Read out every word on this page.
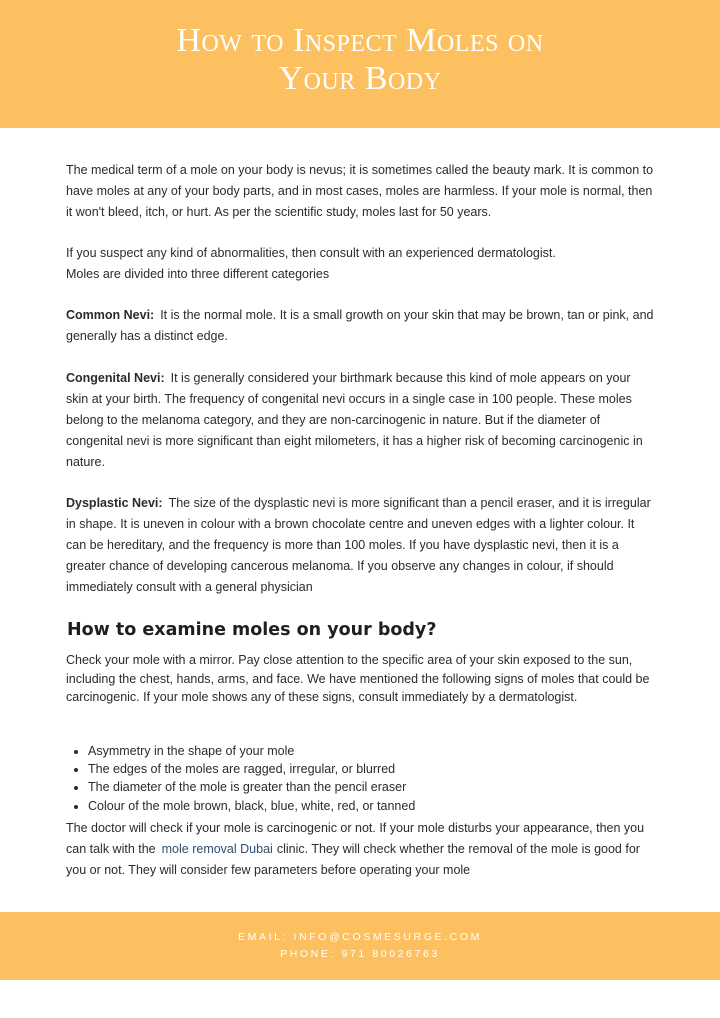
How to Inspect Moles on
Your Body

The medical term of a mole on your body is nevus; it is sometimes called the beauty mark. It is common to have moles at any of your body parts, and in most cases, moles are harmless. If your mole is normal, then it won't bleed, itch, or hurt. As per the scientific study, moles last for 50 years.

If you suspect any kind of abnormalities, then consult with an experienced dermatologist.
Moles are divided into three different categories

Common Nevi: It is the normal mole. It is a small growth on your skin that may be brown, tan or pink, and generally has a distinct edge.

Congenital Nevi: It is generally considered your birthmark because this kind of mole appears on your skin at your birth. The frequency of congenital nevi occurs in a single case in 100 people. These moles belong to the melanoma category, and they are non-carcinogenic in nature. But if the diameter of congenital nevi is more significant than eight milometers, it has a higher risk of becoming carcinogenic in nature.

Dysplastic Nevi: The size of the dysplastic nevi is more significant than a pencil eraser, and it is irregular in shape. It is uneven in colour with a brown chocolate centre and uneven edges with a lighter colour. It can be hereditary, and the frequency is more than 100 moles. If you have dysplastic nevi, then it is a greater chance of developing cancerous melanoma. If you observe any changes in colour, if should immediately consult with a general physician

How to examine moles on your body?

Check your mole with a mirror. Pay close attention to the specific area of your skin exposed to the sun, including the chest, hands, arms, and face. We have mentioned the following signs of moles that could be carcinogenic. If your mole shows any of these signs, consult immediately by a dermatologist.

• Asymmetry in the shape of your mole
• The edges of the moles are ragged, irregular, or blurred
• The diameter of the mole is greater than the pencil eraser
• Colour of the mole brown, black, blue, white, red, or tanned

The doctor will check if your mole is carcinogenic or not. If your mole disturbs your appearance, then you can talk with the mole removal Dubai clinic. They will check whether the removal of the mole is good for you or not. They will consider few parameters before operating your mole

EMAIL: INFO@COSMESURGE.COM
PHONE: 971 80026763
